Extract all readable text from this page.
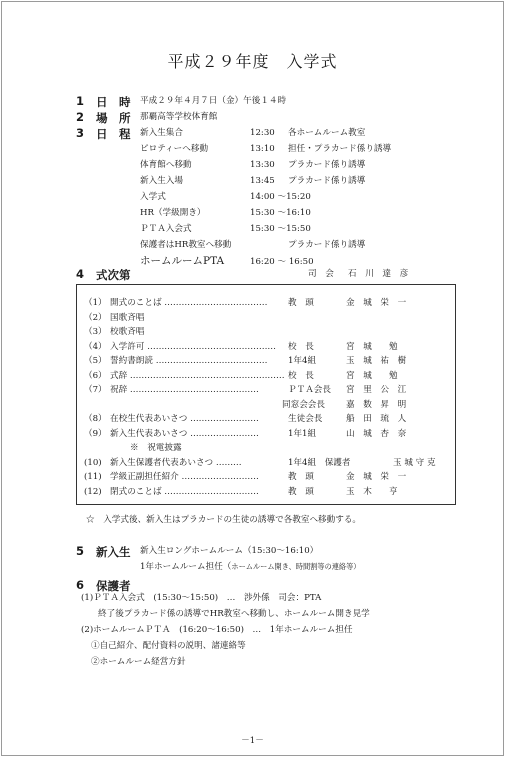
平成２９年度　入学式
1 日　時 平成２９年４月７日（金）午後１４時
2 場　所 那覇高等学校体育館
3 日　程 新入生集合	12:30 各ホームルーム教室
ピロティーへ移動	13:10 担任・プラカード係り誘導
体育館へ移動	13:30 プラカード係り誘導
新入生入場	13:45 プラカード係り誘導
入学式	14:00 〜15:20
HR（学級開き）	15:30 〜16:10
ＰＴＡ入会式	15:30 〜15:50
保護者はHR教室へ移動	プラカード係り誘導
ホームルームPTA	16:20 〜 16:50
4 式次第	司　会 石　川　達　彦
（1） 開式のことば ……………………………… 教　頭	金　城　栄　一
（2） 国歌斉唱
（3） 校歌斉唱
（4） 入学許可 ……………………………………… 校　長	宮　城　　勉
（5） 誓約書朗読 ………………………………… 1年4組	玉　城　祐　樹
（6） 式辞 ……………………………………………… 校　長	宮　城　　勉
（7） 祝辞 ………………………………………	ＰＴＡ会長 宮　里　公　江
同窓会会長 嘉　数　昇　明
（8） 在校生代表あいさつ ……………………	生徒会長	船　田　琉　人
（9） 新入生代表あいさつ ……………………	1年1組	山　城　杏　奈
※　祝電披露
(10) 新入生保護者代表あいさつ ………	1年4組　保護者	玉 城 守 克
(11) 学級正副担任紹介 ………………………	教　頭	金　城　栄　一
(12) 閉式のことば ……………………………	教　頭	玉　木　　亨
☆　入学式後、新入生はプラカードの生徒の誘導で各教室へ移動する。
5 新入生 新入生ロングホームルーム（15:30〜16:10）
1年ホームルーム担任（ホームルーム開き、時間割等の連絡等）
6 保護者
(1)ＰＴＡ入会式　(15:30〜15:50)　…　渉外係　司会：PTA
終了後プラカード係の誘導でHR教室へ移動し、ホームルーム開き見学
(2)ホームルームＰＴＡ　(16:20〜16:50)　…　1年ホームルーム担任
①自己紹介、配付資料の説明、諸連絡等
②ホームルーム経営方針
－1－
